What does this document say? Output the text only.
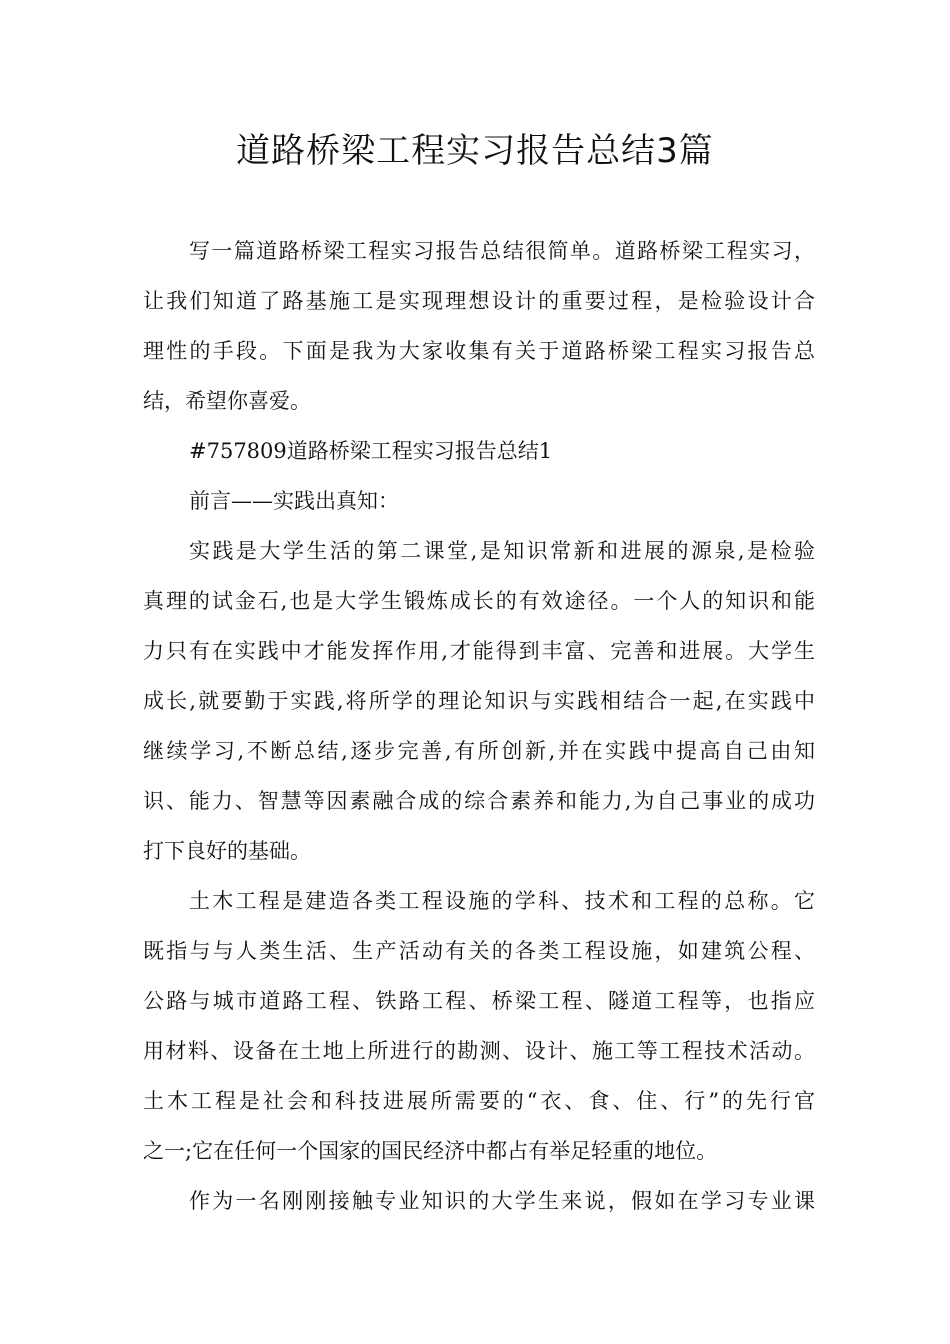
道路桥梁工程实习报告总结3篇
写一篇道路桥梁工程实习报告总结很简单。道路桥梁工程实习，
让我们知道了路基施工是实现理想设计的重要过程，是检验设计合
理性的手段。下面是我为大家收集有关于道路桥梁工程实习报告总
结，希望你喜爱。
#757809道路桥梁工程实习报告总结1
前言——实践出真知：
实践是大学生活的第二课堂,是知识常新和进展的源泉,是检验
真理的试金石,也是大学生锻炼成长的有效途径。一个人的知识和能
力只有在实践中才能发挥作用,才能得到丰富、完善和进展。大学生
成长,就要勤于实践,将所学的理论知识与实践相结合一起,在实践中
继续学习,不断总结,逐步完善,有所创新,并在实践中提高自己由知
识、能力、智慧等因素融合成的综合素养和能力,为自己事业的成功
打下良好的基础。
土木工程是建造各类工程设施的学科、技术和工程的总称。它
既指与与人类生活、生产活动有关的各类工程设施，如建筑公程、
公路与城市道路工程、铁路工程、桥梁工程、隧道工程等，也指应
用材料、设备在土地上所进行的勘测、设计、施工等工程技术活动。
土木工程是社会和科技进展所需要的“衣、食、住、行”的先行官
之一;它在任何一个国家的国民经济中都占有举足轻重的地位。
作为一名刚刚接触专业知识的大学生来说，假如在学习专业课
